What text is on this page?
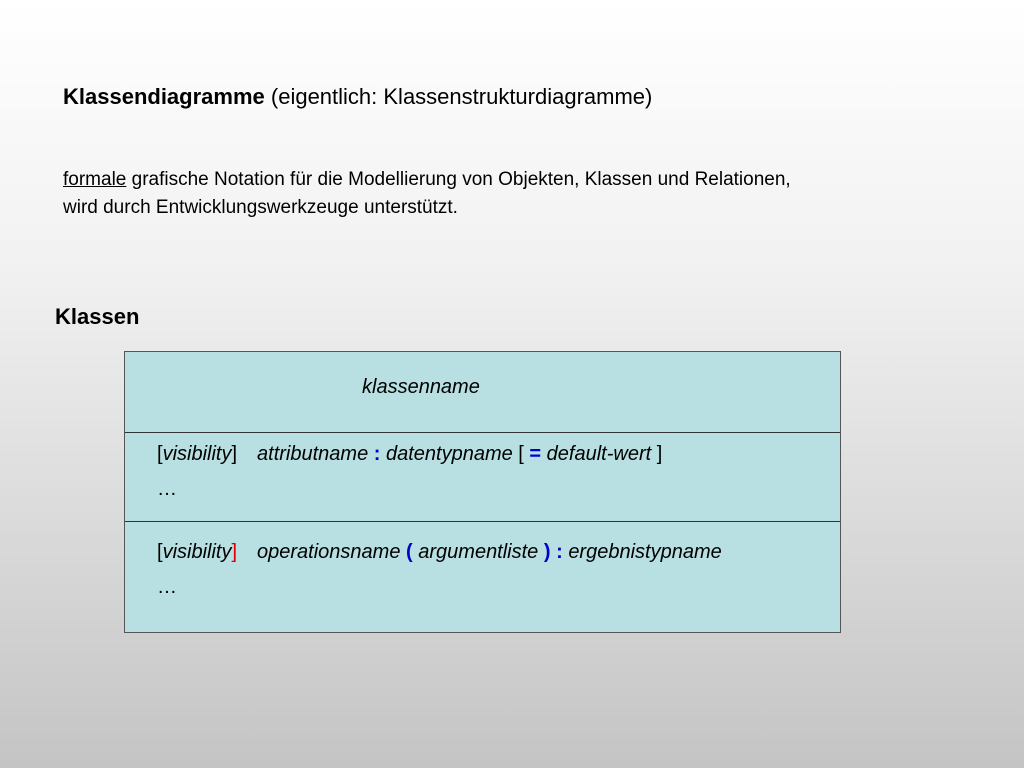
Klassendiagramme (eigentlich: Klassenstrukturdiagramme)
formale grafische Notation für die Modellierung von Objekten, Klassen und Relationen,
wird durch Entwicklungswerkzeuge unterstützt.
Klassen
klassenname
[visibility] attributname : datentypname [ = default-wert ]
…
[visibility] operationsname ( argumentliste ) : ergebnistypname
…
